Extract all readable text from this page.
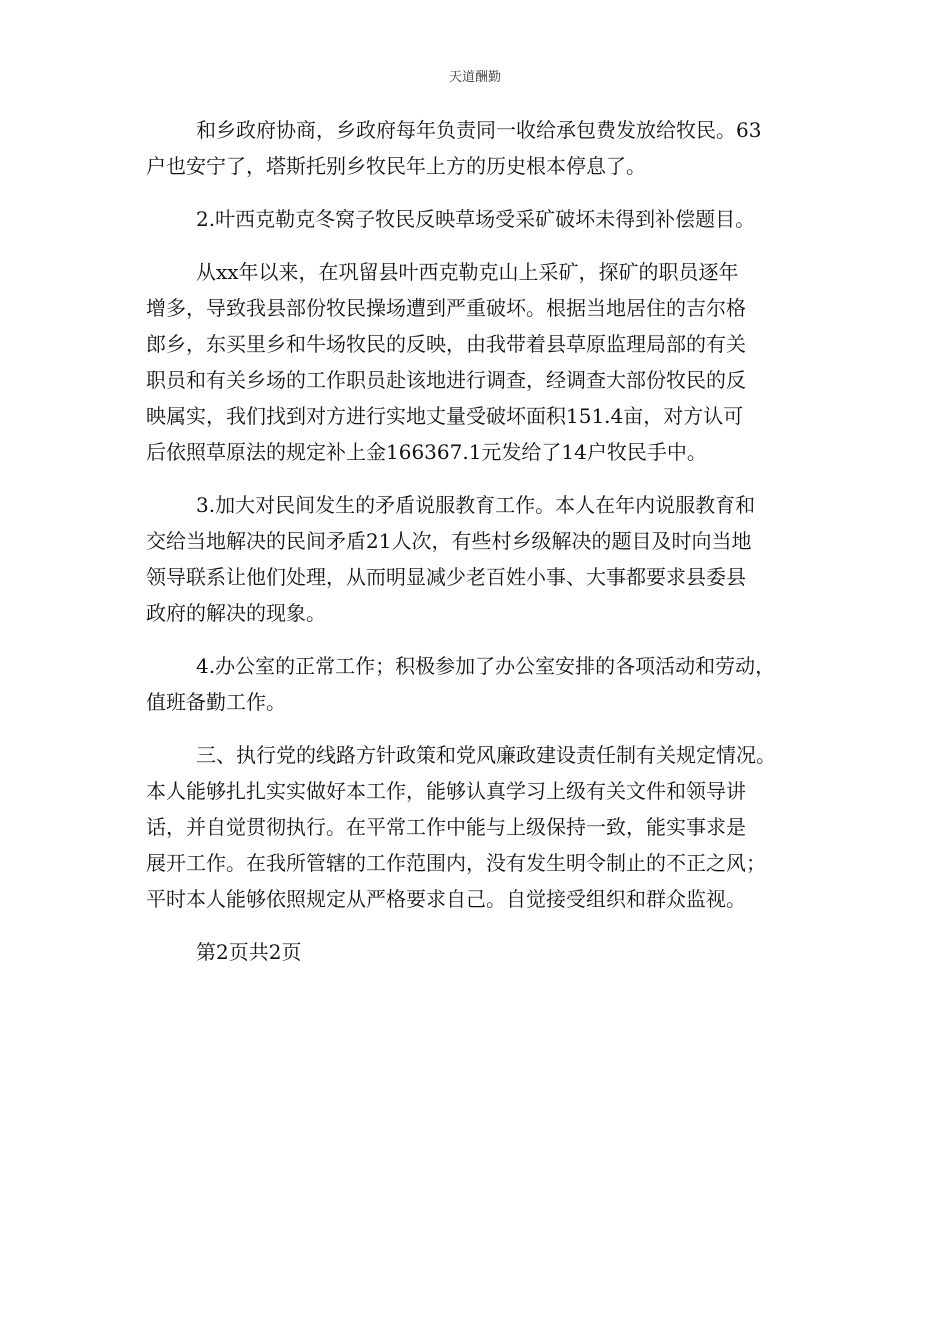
天道酬勤

和乡政府协商，乡政府每年负责同一收给承包费发放给牧民。63
户也安宁了，塔斯托别乡牧民年上方的历史根本停息了。

2.叶西克勒克冬窝子牧民反映草场受采矿破坏未得到补偿题目。

从xx年以来，在巩留县叶西克勒克山上采矿，探矿的职员逐年
增多，导致我县部份牧民操场遭到严重破坏。根据当地居住的吉尔格
郎乡，东买里乡和牛场牧民的反映，由我带着县草原监理局部的有关
职员和有关乡场的工作职员赴该地进行调查，经调查大部份牧民的反
映属实，我们找到对方进行实地丈量受破坏面积151.4亩，对方认可
后依照草原法的规定补上金166367.1元发给了14户牧民手中。

3.加大对民间发生的矛盾说服教育工作。本人在年内说服教育和
交给当地解决的民间矛盾21人次，有些村乡级解决的题目及时向当地
领导联系让他们处理，从而明显减少老百姓小事、大事都要求县委县
政府的解决的现象。

4.办公室的正常工作；积极参加了办公室安排的各项活动和劳动，
值班备勤工作。

三、执行党的线路方针政策和党风廉政建设责任制有关规定情况。
本人能够扎扎实实做好本工作，能够认真学习上级有关文件和领导讲
话，并自觉贯彻执行。在平常工作中能与上级保持一致，能实事求是
展开工作。在我所管辖的工作范围内，没有发生明令制止的不正之风；
平时本人能够依照规定从严格要求自己。自觉接受组织和群众监视。

第2页共2页
